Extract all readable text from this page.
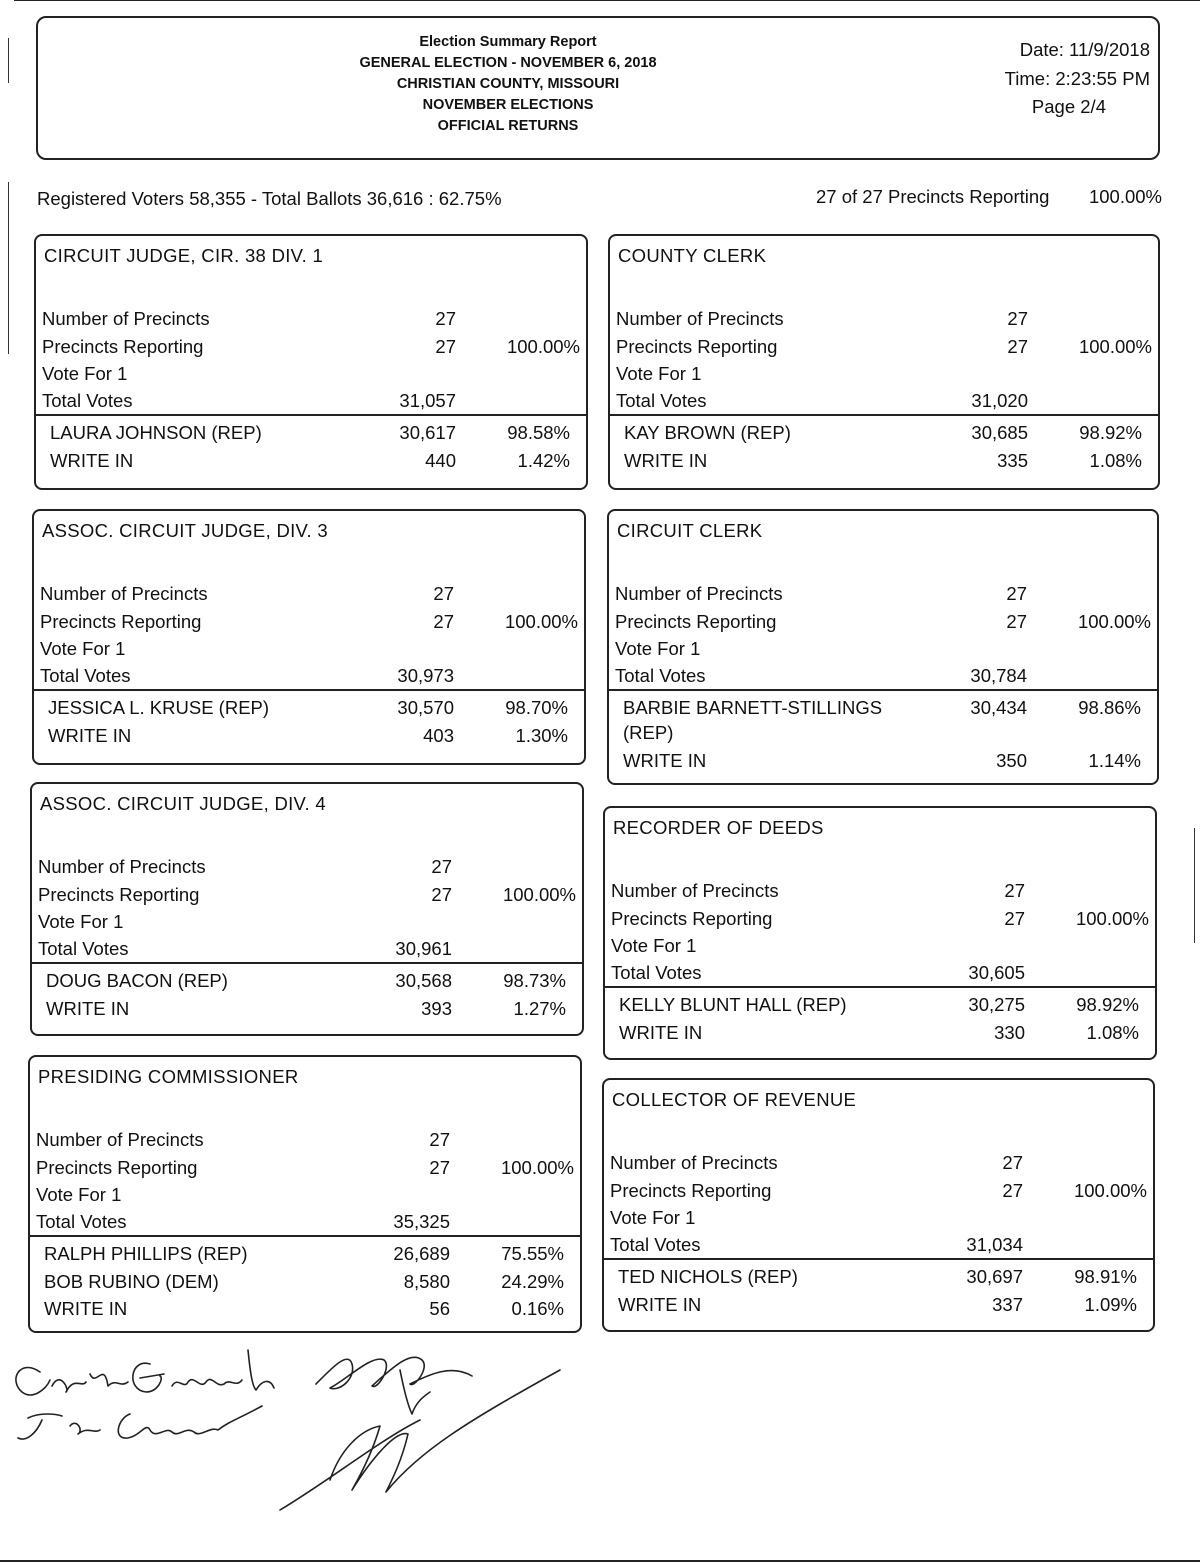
Election Summary Report
GENERAL ELECTION - NOVEMBER 6, 2018
CHRISTIAN COUNTY, MISSOURI
NOVEMBER ELECTIONS
OFFICIAL RETURNS
Date: 11/9/2018
Time: 2:23:55 PM
Page 2/4
Registered Voters 58,355 - Total Ballots 36,616 : 62.75%	27 of 27 Precincts Reporting 100.00%
CIRCUIT JUDGE, CIR. 38 DIV. 1
Number of Precincts	27
Precincts Reporting	27	100.00%
Vote For 1
Total Votes	31,057
LAURA JOHNSON (REP)	30,617	98.58%
WRITE IN	440	1.42%
ASSOC. CIRCUIT JUDGE, DIV. 3
Number of Precincts	27
Precincts Reporting	27	100.00%
Vote For 1
Total Votes	30,973
JESSICA L. KRUSE (REP)	30,570	98.70%
WRITE IN	403	1.30%
ASSOC. CIRCUIT JUDGE, DIV. 4
Number of Precincts	27
Precincts Reporting	27	100.00%
Vote For 1
Total Votes	30,961
DOUG BACON (REP)	30,568	98.73%
WRITE IN	393	1.27%
PRESIDING COMMISSIONER
Number of Precincts	27
Precincts Reporting	27	100.00%
Vote For 1
Total Votes	35,325
RALPH PHILLIPS (REP)	26,689	75.55%
BOB RUBINO (DEM)	8,580	24.29%
WRITE IN	56	0.16%
COUNTY CLERK
Number of Precincts	27
Precincts Reporting	27	100.00%
Vote For 1
Total Votes	31,020
KAY BROWN (REP)	30,685	98.92%
WRITE IN	335	1.08%
CIRCUIT CLERK
Number of Precincts	27
Precincts Reporting	27	100.00%
Vote For 1
Total Votes	30,784
BARBIE BARNETT-STILLINGS	30,434	98.86%
(REP)
WRITE IN	350	1.14%
RECORDER OF DEEDS
Number of Precincts	27
Precincts Reporting	27	100.00%
Vote For 1
Total Votes	30,605
KELLY BLUNT HALL (REP)	30,275	98.92%
WRITE IN	330	1.08%
COLLECTOR OF REVENUE
Number of Precincts	27
Precincts Reporting	27	100.00%
Vote For 1
Total Votes	31,034
TED NICHOLS (REP)	30,697	98.91%
WRITE IN	337	1.09%
